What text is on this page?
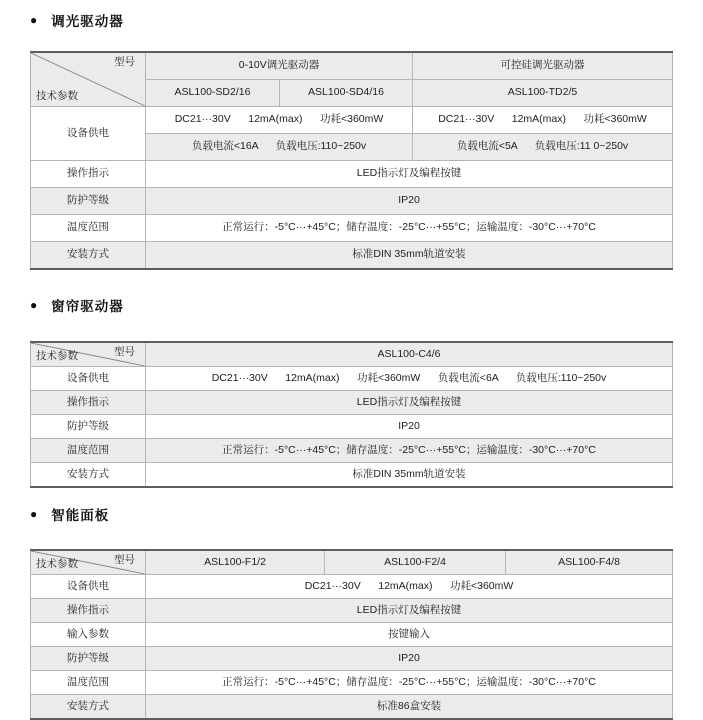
● 调光驱动器
型号
技术参数	0-10V调光驱动器		可控硅调光驱动器
	ASL100-SD2/16	ASL100-SD4/16	ASL100-TD2/5
设备供电	DC21···30V      12mA(max)      功耗<360mW		DC21···30V      12mA(max)      功耗<360mW
	负载电流<16A      负载电压:110~250v		负载电流<5A      负载电压:11 0~250v
操作指示	LED指示灯及编程按键		
防护等级	IP20		
温度范围	正常运行：-5°C···+45°C；储存温度：-25°C···+55°C；运输温度：-30°C···+70°C		
安装方式	标准DIN 35mm轨道安装		
● 窗帘驱动器
型号
技术参数	ASL100-C4/6
设备供电	DC21···30V      12mA(max)      功耗<360mW      负载电流<6A      负载电压:110~250v
操作指示	LED指示灯及编程按键
防护等级	IP20
温度范围	正常运行：-5°C···+45°C；储存温度：-25°C···+55°C；运输温度：-30°C···+70°C
安装方式	标准DIN 35mm轨道安装
● 智能面板
型号
技术参数	ASL100-F1/2	ASL100-F2/4	ASL100-F4/8
设备供电	DC21···30V      12mA(max)      功耗<360mW		
操作指示	LED指示灯及编程按键		
输入参数	按键输入		
防护等级	IP20		
温度范围	正常运行：-5°C···+45°C；储存温度：-25°C···+55°C；运输温度：-30°C···+70°C		
安装方式	标准86盒安装		
